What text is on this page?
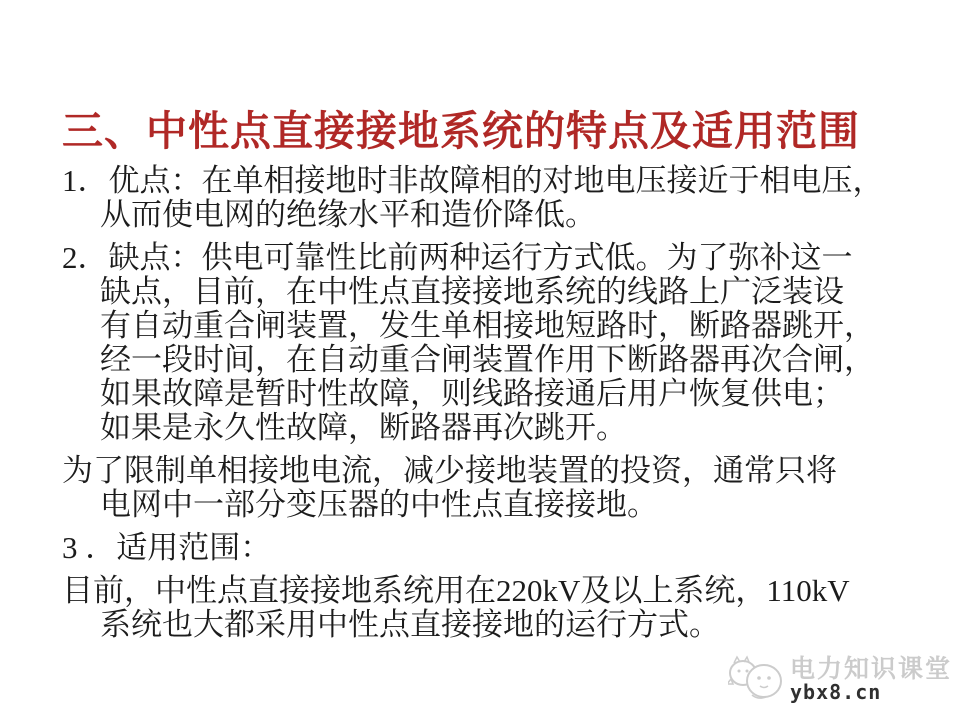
三、中性点直接接地系统的特点及适用范围
1．优点：在单相接地时非故障相的对地电压接近于相电压，
从而使电网的绝缘水平和造价降低。
2．缺点：供电可靠性比前两种运行方式低。为了弥补这一
缺点，目前，在中性点直接接地系统的线路上广泛装设
有自动重合闸装置，发生单相接地短路时，断路器跳开，
经一段时间，在自动重合闸装置作用下断路器再次合闸，
如果故障是暂时性故障，则线路接通后用户恢复供电；
如果是永久性故障，断路器再次跳开。
为了限制单相接地电流，减少接地装置的投资，通常只将
电网中一部分变压器的中性点直接接地。
3 ．适用范围：
目前，中性点直接接地系统用在220kV及以上系统，110kV
系统也大都采用中性点直接接地的运行方式。
电力知识课堂
ybx8.cn
